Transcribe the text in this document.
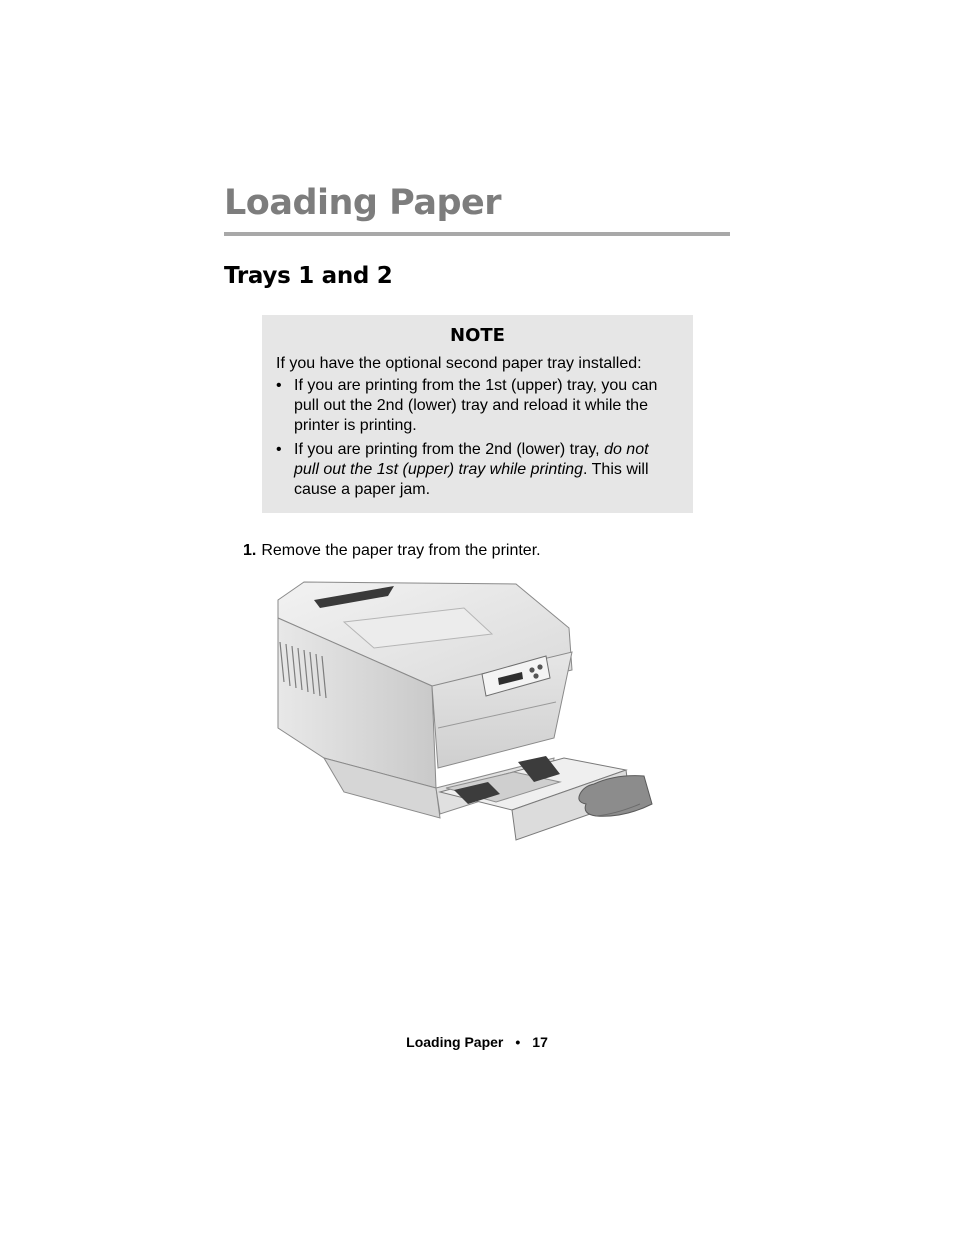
Loading Paper
Trays 1 and 2
NOTE
If you have the optional second paper tray installed:
• If you are printing from the 1st (upper) tray, you can pull out the 2nd (lower) tray and reload it while the printer is printing.
• If you are printing from the 2nd (lower) tray, do not pull out the 1st (upper) tray while printing. This will cause a paper jam.
1. Remove the paper tray from the printer.
Loading Paper • 17
